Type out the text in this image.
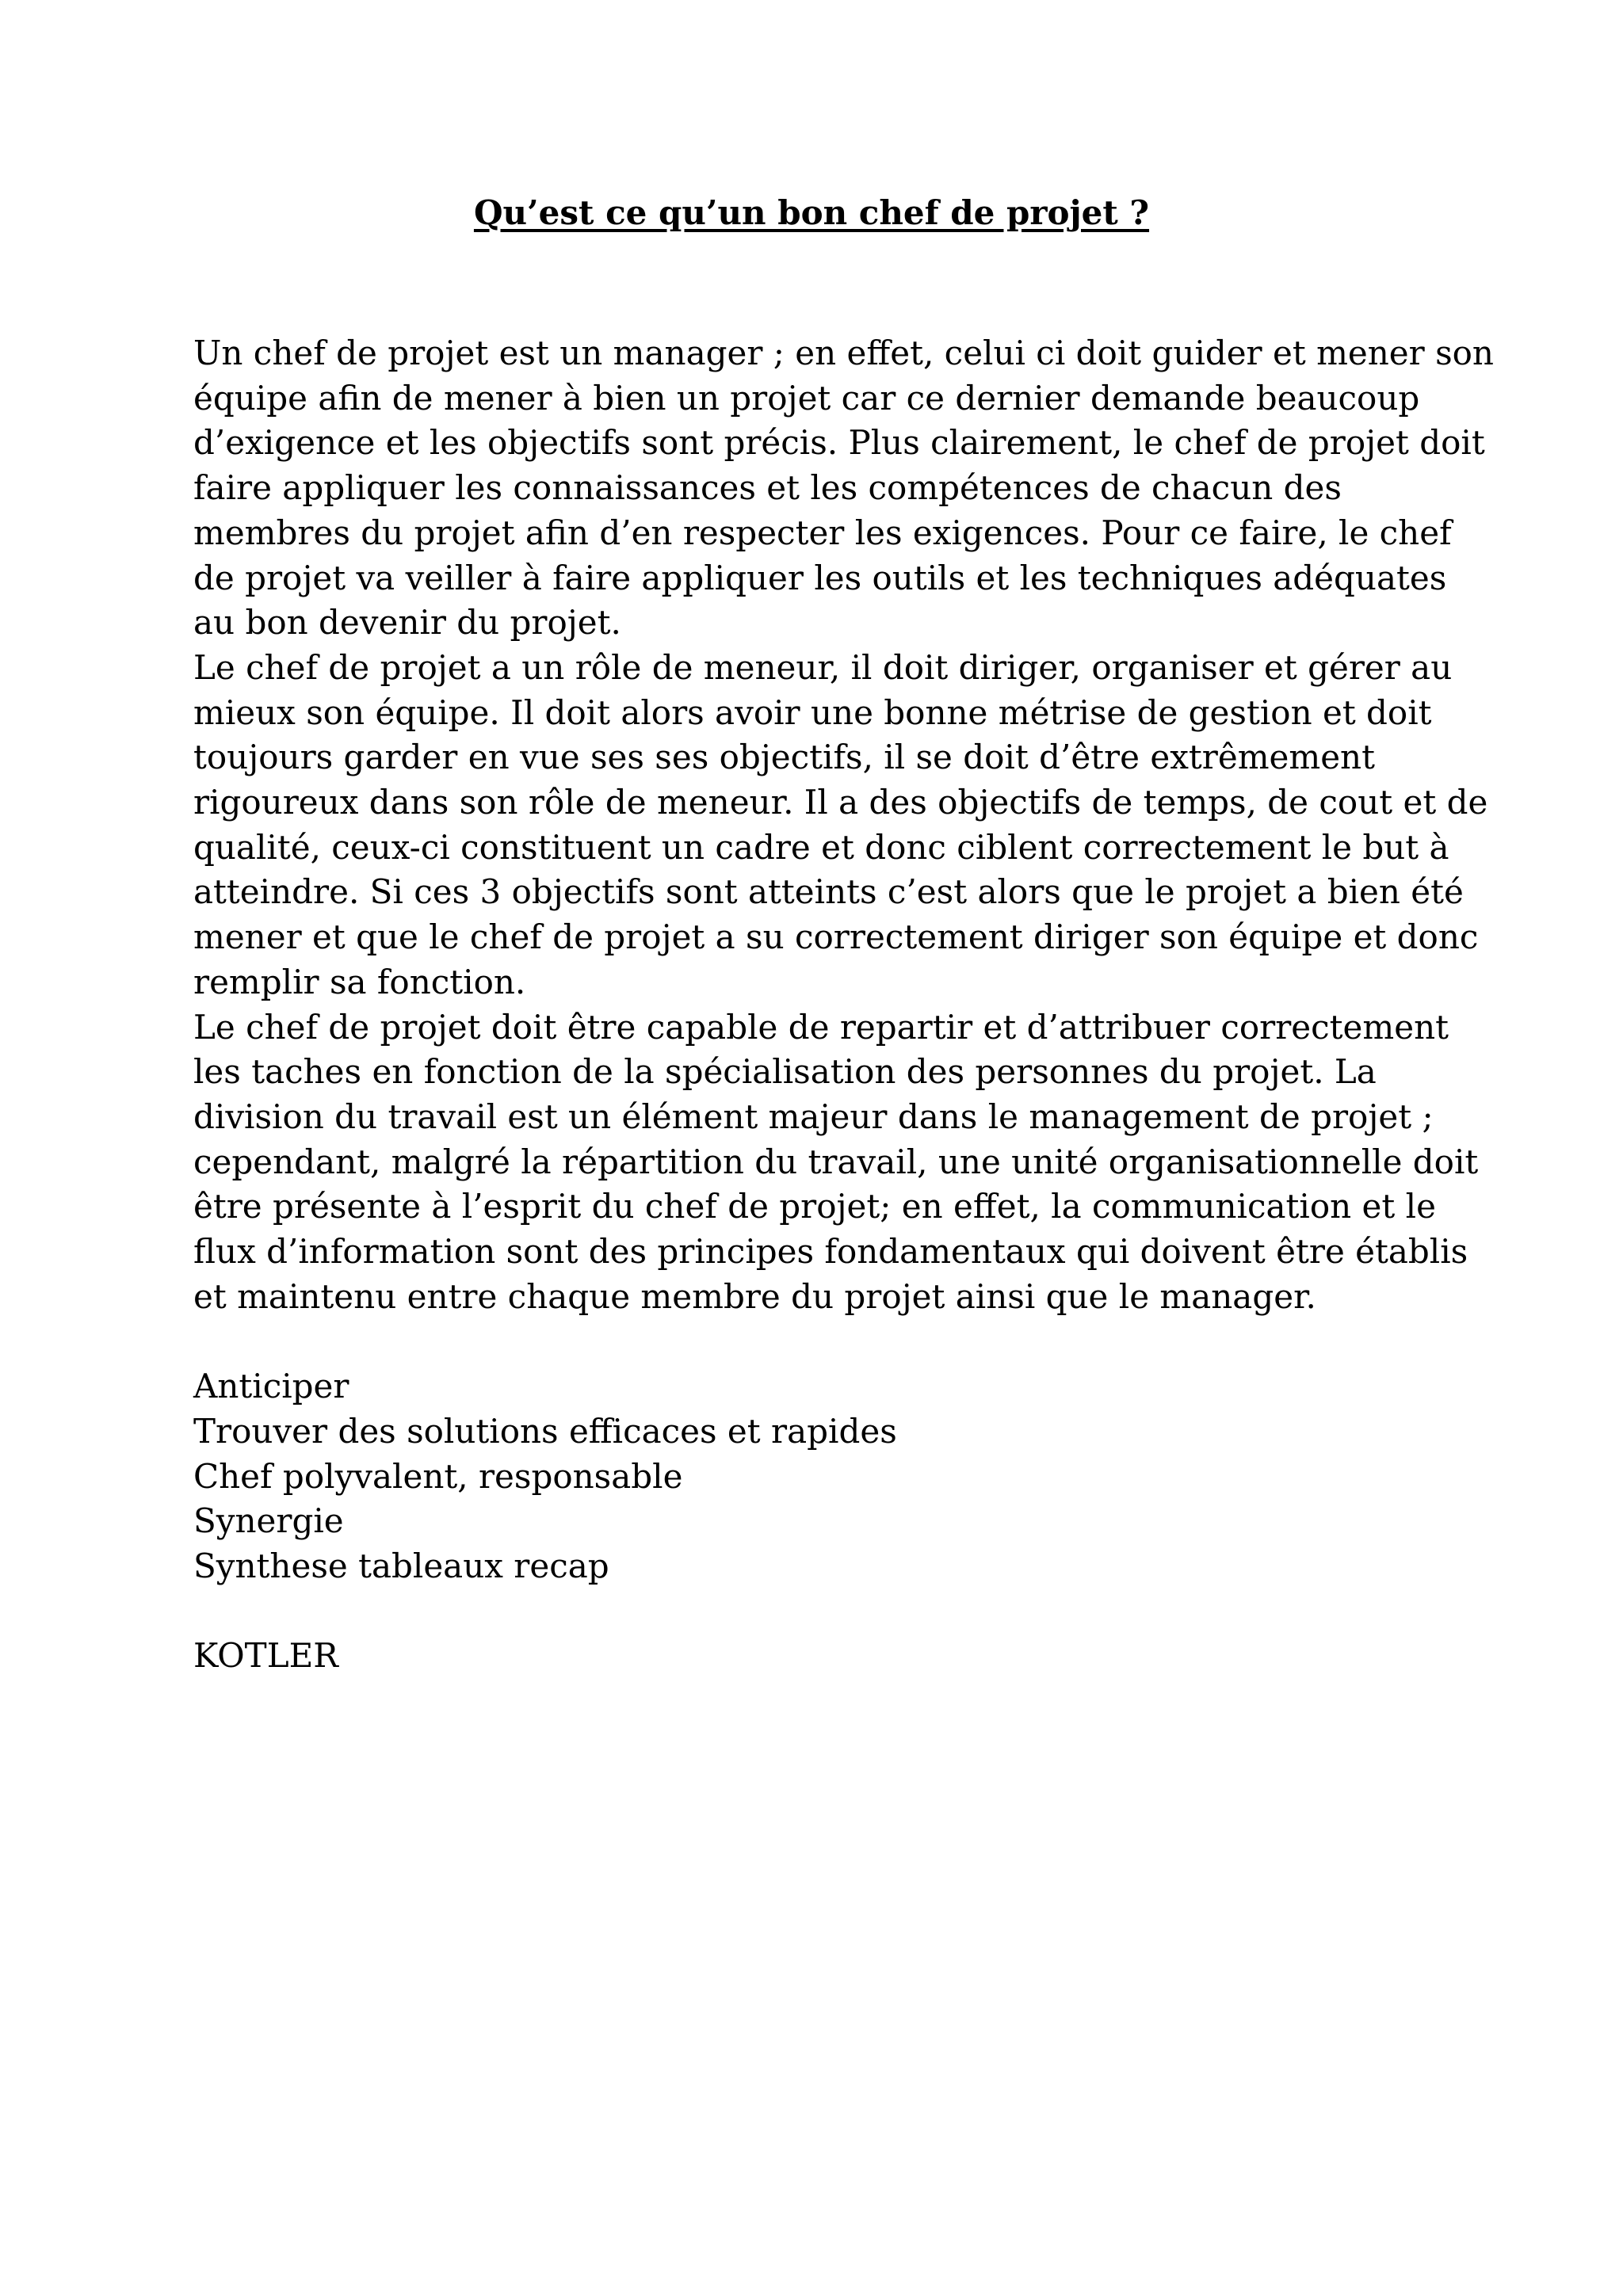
Qu’est ce qu’un bon chef de projet ?
Un chef de projet est un manager ; en effet, celui ci doit guider et mener son
équipe afin de mener à bien un projet car ce dernier demande beaucoup
d’exigence et les objectifs sont précis. Plus clairement, le chef de projet doit
faire appliquer les connaissances et les compétences de chacun des
membres du projet afin d’en respecter les exigences. Pour ce faire, le chef
de projet va veiller à faire appliquer les outils et les techniques adéquates
au bon devenir du projet.
Le chef de projet a un rôle de meneur, il doit diriger, organiser et gérer au
mieux son équipe. Il doit alors avoir une bonne métrise de gestion et doit
toujours garder en vue ses ses objectifs, il se doit d’être extrêmement
rigoureux dans son rôle de meneur. Il a des objectifs de temps, de cout et de
qualité, ceux-ci constituent un cadre et donc ciblent correctement le but à
atteindre. Si ces 3 objectifs sont atteints c’est alors que le projet a bien été
mener et que le chef de projet a su correctement diriger son équipe et donc
remplir sa fonction.
Le chef de projet doit être capable de repartir et d’attribuer correctement
les taches en fonction de la spécialisation des personnes du projet. La
division du travail est un élément majeur dans le management de projet ;
cependant, malgré la répartition du travail, une unité organisationnelle doit
être présente à l’esprit du chef de projet; en effet, la communication et le
flux d’information sont des principes fondamentaux qui doivent être établis
et maintenu entre chaque membre du projet ainsi que le manager.
Anticiper
Trouver des solutions efficaces et rapides
Chef polyvalent, responsable
Synergie
Synthese tableaux recap
KOTLER
